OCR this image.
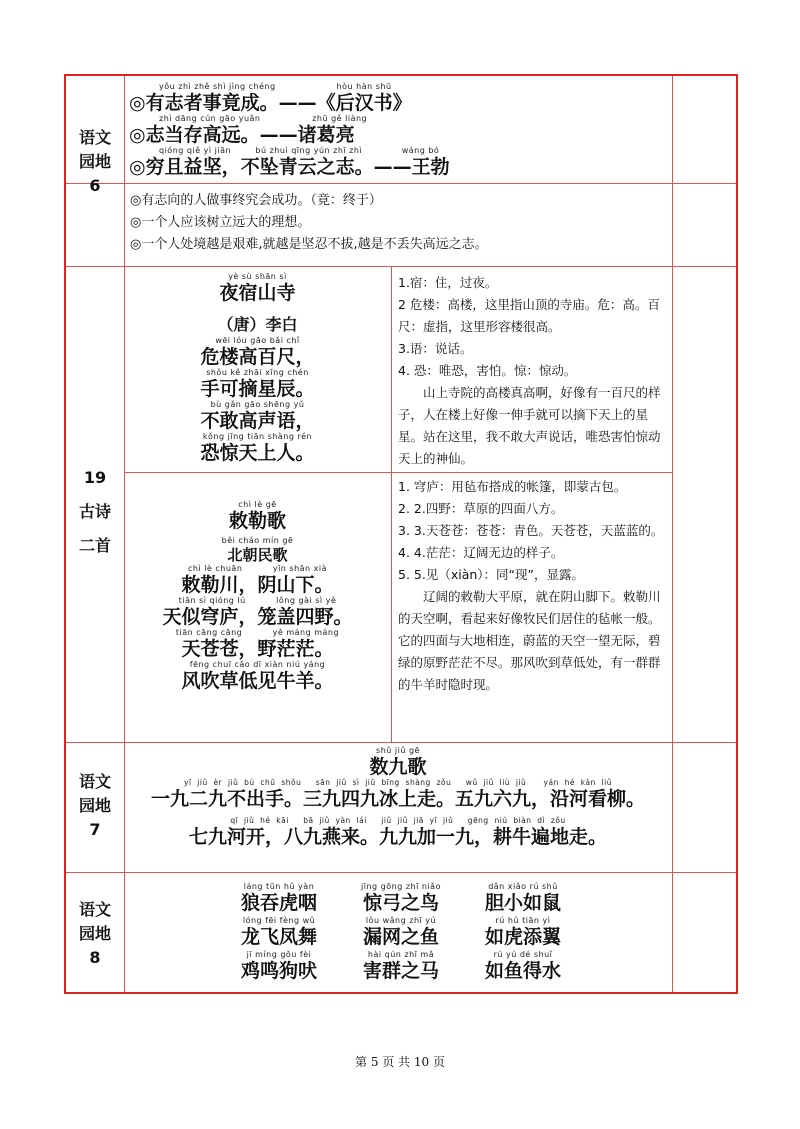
语文
园地
6
yǒu zhì zhě shì jìng chéng                    hòu hàn shū
◎有志者事竟成。——《后汉书》
zhì dāng cún gāo yuǎn                 zhū gě liàng
◎志当存高远。——诸葛亮
qióng qiě yì jiān        bú zhuì qīng yún zhī zhì             wáng bó
◎穷且益坚，不坠青云之志。——王勃

◎有志向的人做事终究会成功。（竟：终于）

◎一个人应该树立远大的理想。

◎一个人处境越是艰难,就越是坚忍不拔,越是不丢失高远之志。

19
古诗
二首
yè sù shān sì
夜宿山寺
（唐）李白
wēi lóu gāo bǎi chǐ
危楼高百尺，
shǒu kě zhāi xīng chén
手可摘星辰。
bù gǎn gāo shēng yǔ
不敢高声语，
kǒng jīng tiān shàng rén
恐惊天上人。

1.宿：住，过夜。

2 危楼：高楼，这里指山顶的寺庙。危：高。百尺：虚指，这里形容楼很高。

3.语：说话。

4. 恐：唯恐，害怕。惊：惊动。

山上寺院的高楼真高啊，好像有一百尺的样子，人在楼上好像一伸手就可以摘下天上的星星。站在这里，我不敢大声说话，唯恐害怕惊动天上的神仙。

chì lè gē
敕勒歌
běi cháo mín gē
北朝民歌
chì lè chuān          yīn shān xià
敕勒川，阴山下。
tiān sì qióng lú          lǒng gài sì yě
天似穹庐，笼盖四野。
tiān cāng cāng          yě máng máng
天苍苍，野茫茫。
fēng chuī cǎo dī xiàn niú yáng
风吹草低见牛羊。

1. 穹庐：用毡布搭成的帐篷，即蒙古包。

2. 2.四野：草原的四面八方。

3. 3.天苍苍：苍苍：青色。天苍苍，天蓝蓝的。

4. 4.茫茫：辽阔无边的样子。

5. 5.见（xiàn）：同“现”，显露。

辽阔的敕勒大平原，就在阴山脚下。敕勒川的天空啊，看起来好像牧民们居住的毡帐一般。它的四面与大地相连，蔚蓝的天空一望无际，碧绿的原野茫茫不尽。那风吹到草低处，有一群群的牛羊时隐时现。

语文
园地
7
shǔ jiǔ gē
数九歌
yī  jiǔ  èr  jiǔ  bù  chū  shǒu     sān  jiǔ  sì  jiǔ  bīng  shàng  zǒu     wǔ  jiǔ  liù  jiǔ      yán  hé  kàn  liǔ
一九二九不出手。三九四九冰上走。五九六九，沿河看柳。
qī  jiǔ  hé  kāi     bā  jiǔ  yàn  lái     jiǔ  jiǔ  jiā  yī  jiǔ     gēng  niú  biàn  dì  zǒu
七九河开，八九燕来。九九加一九，耕牛遍地走。
语文
园地
8
láng tūn hǔ yàn
狼吞虎咽
jīng gōng zhī niǎo
惊弓之鸟
dǎn xiǎo rú shǔ
胆小如鼠
lóng fēi fèng wǔ
龙飞凤舞
lòu wǎng zhī yú
漏网之鱼
rú hǔ tiān yì
如虎添翼
jī míng gǒu fèi
鸡鸣狗吠
hài qún zhī mǎ
害群之马
rú yú dé shuǐ
如鱼得水
第 5 页 共 10 页
